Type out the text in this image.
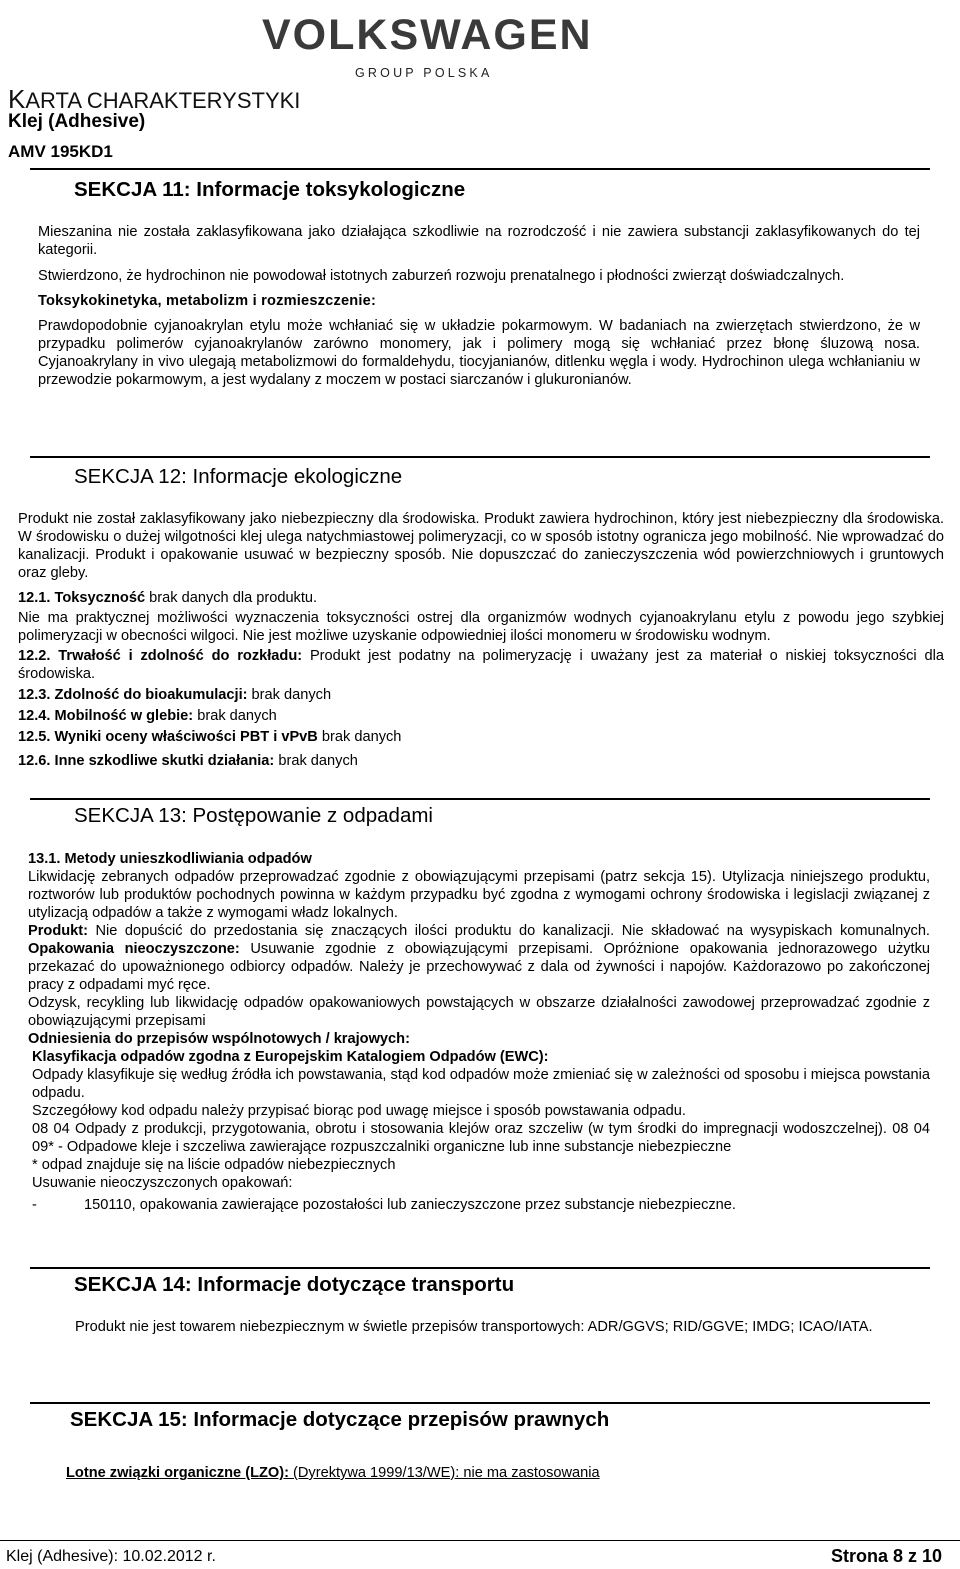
VOLKSWAGEN
GROUP POLSKA
KARTA CHARAKTERYSTYKI
Klej (Adhesive)
AMV 195KD1
SEKCJA 11: Informacje toksykologiczne

Mieszanina nie została zaklasyfikowana jako działająca szkodliwie na rozrodczość i nie zawiera substancji zaklasyfikowanych do tej kategorii.

Stwierdzono, że hydrochinon nie powodował istotnych zaburzeń rozwoju prenatalnego i płodności zwierząt doświadczalnych.

Toksykokinetyka, metabolizm i rozmieszczenie:

Prawdopodobnie cyjanoakrylan etylu może wchłaniać się w układzie pokarmowym. W badaniach na zwierzętach stwierdzono, że w przypadku polimerów cyjanoakrylanów zarówno monomery, jak i polimery mogą się wchłaniać przez błonę śluzową nosa. Cyjanoakrylany in vivo ulegają metabolizmowi do formaldehydu, tiocyjanianów, ditlenku węgla i wody. Hydrochinon ulega wchłanianiu w przewodzie pokarmowym, a jest wydalany z moczem w postaci siarczanów i glukuronianów.

SEKCJA 12: Informacje ekologiczne

Produkt nie został zaklasyfikowany jako niebezpieczny dla środowiska. Produkt zawiera hydrochinon, który jest niebezpieczny dla środowiska. W środowisku o dużej wilgotności klej ulega natychmiastowej polimeryzacji, co w sposób istotny ogranicza jego mobilność. Nie wprowadzać do kanalizacji. Produkt i opakowanie usuwać w bezpieczny sposób. Nie dopuszczać do zanieczyszczenia wód powierzchniowych i gruntowych oraz gleby.

12.1. Toksyczność brak danych dla produktu.

Nie ma praktycznej możliwości wyznaczenia toksyczności ostrej dla organizmów wodnych cyjanoakrylanu etylu z powodu jego szybkiej polimeryzacji w obecności wilgoci. Nie jest możliwe uzyskanie odpowiedniej ilości monomeru w środowisku wodnym.

12.2. Trwałość i zdolność do rozkładu: Produkt jest podatny na polimeryzację i uważany jest za materiał o niskiej toksyczności dla środowiska.

12.3. Zdolność do bioakumulacji: brak danych

12.4. Mobilność w glebie: brak danych

12.5. Wyniki oceny właściwości PBT i vPvB brak danych

12.6. Inne szkodliwe skutki działania: brak danych

SEKCJA 13: Postępowanie z odpadami

13.1. Metody unieszkodliwiania odpadów

Likwidację zebranych odpadów przeprowadzać zgodnie z obowiązującymi przepisami (patrz sekcja 15). Utylizacja niniejszego produktu, roztworów lub produktów pochodnych powinna w każdym przypadku być zgodna z wymogami ochrony środowiska i legislacji związanej z utylizacją odpadów a także z wymogami władz lokalnych.

Produkt: Nie dopuścić do przedostania się znaczących ilości produktu do kanalizacji. Nie składować na wysypiskach komunalnych. Opakowania nieoczyszczone: Usuwanie zgodnie z obowiązującymi przepisami. Opróżnione opakowania jednorazowego użytku przekazać do upoważnionego odbiorcy odpadów. Należy je przechowywać z dala od żywności i napojów. Każdorazowo po zakończonej pracy z odpadami myć ręce.

Odzysk, recykling lub likwidację odpadów opakowaniowych powstających w obszarze działalności zawodowej przeprowadzać zgodnie z obowiązującymi przepisami

Odniesienia do przepisów wspólnotowych / krajowych:

Klasyfikacja odpadów zgodna z Europejskim Katalogiem Odpadów (EWC):

Odpady klasyfikuje się według źródła ich powstawania, stąd kod odpadów może zmieniać się w zależności od sposobu i miejsca powstania odpadu.

Szczegółowy kod odpadu należy przypisać biorąc pod uwagę miejsce i sposób powstawania odpadu.

08 04 Odpady z produkcji, przygotowania, obrotu i stosowania klejów oraz szczeliw (w tym środki do impregnacji wodoszczelnej). 08 04 09* - Odpadowe kleje i szczeliwa zawierające rozpuszczalniki organiczne lub inne substancje niebezpieczne

* odpad znajduje się na liście odpadów niebezpiecznych

Usuwanie nieoczyszczonych opakowań:

-	150110, opakowania zawierające pozostałości lub zanieczyszczone przez substancje niebezpieczne.

SEKCJA 14: Informacje dotyczące transportu

Produkt nie jest towarem niebezpiecznym w świetle przepisów transportowych: ADR/GGVS; RID/GGVE; IMDG; ICAO/IATA.

SEKCJA 15: Informacje dotyczące przepisów prawnych

Lotne związki organiczne (LZO): (Dyrektywa 1999/13/WE): nie ma zastosowania

Klej (Adhesive): 10.02.2012 r.	Strona 8 z 10
